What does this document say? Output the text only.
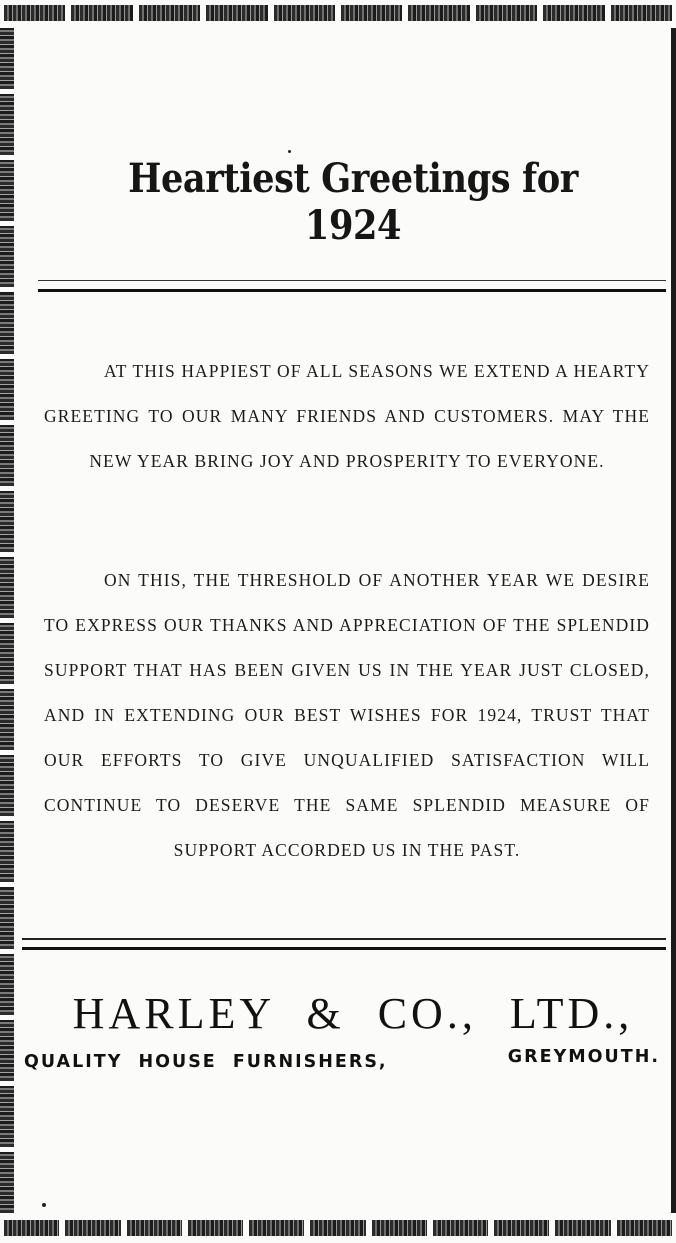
Heartiest Greetings for 1924

AT THIS HAPPIEST OF ALL SEASONS WE EXTEND A HEARTY GREETING TO OUR MANY FRIENDS AND CUSTOMERS. MAY THE NEW YEAR BRING JOY AND PROSPERITY TO EVERYONE.

ON THIS, THE THRESHOLD OF ANOTHER YEAR WE DESIRE TO EXPRESS OUR THANKS AND APPRECIATION OF THE SPLENDID SUPPORT THAT HAS BEEN GIVEN US IN THE YEAR JUST CLOSED, AND IN EXTENDING OUR BEST WISHES FOR 1924, TRUST THAT OUR EFFORTS TO GIVE UNQUALIFIED SATISFACTION WILL CONTINUE TO DESERVE THE SAME SPLENDID MEASURE OF SUPPORT ACCORDED US IN THE PAST.

HARLEY & CO., LTD.,
QUALITY HOUSE FURNISHERS,	GREYMOUTH.
